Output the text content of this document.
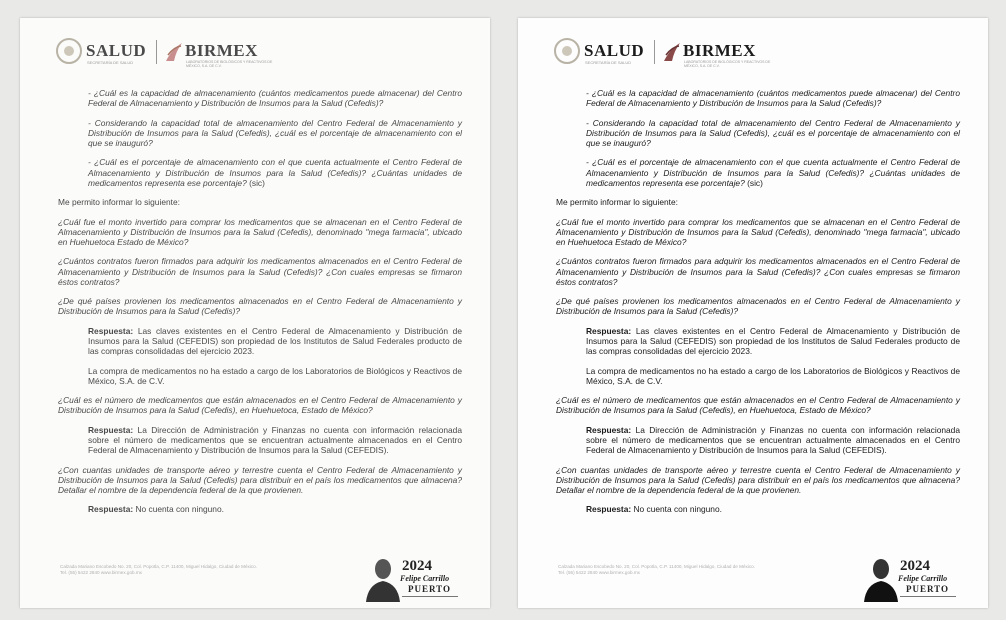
SALUD
SECRETARÍA DE SALUD
BIRMEX
LABORATORIOS DE BIOLÓGICOS Y REACTIVOS DE MÉXICO, S.A. DE C.V.

- ¿Cuál es la capacidad de almacenamiento (cuántos medicamentos puede almacenar) del Centro Federal de Almacenamiento y Distribución de Insumos para la Salud (Cefedis)?

- Considerando la capacidad total de almacenamiento del Centro Federal de Almacenamiento y Distribución de Insumos para la Salud (Cefedis), ¿cuál es el porcentaje de almacenamiento con el que se inauguró?

- ¿Cuál es el porcentaje de almacenamiento con el que cuenta actualmente el Centro Federal de Almacenamiento y Distribución de Insumos para la Salud (Cefedis)? ¿Cuántas unidades de medicamentos representa ese porcentaje? (sic)

Me permito informar lo siguiente:

¿Cuál fue el monto invertido para comprar los medicamentos que se almacenan en el Centro Federal de Almacenamiento y Distribución de Insumos para la Salud (Cefedis), denominado "mega farmacia", ubicado en Huehuetoca Estado de México?

¿Cuántos contratos fueron firmados para adquirir los medicamentos almacenados en el Centro Federal de Almacenamiento y Distribución de Insumos para la Salud (Cefedis)? ¿Con cuales empresas se firmaron éstos contratos?

¿De qué países provienen los medicamentos almacenados en el Centro Federal de Almacenamiento y Distribución de Insumos para la Salud (Cefedis)?

Respuesta: Las claves existentes en el Centro Federal de Almacenamiento y Distribución de Insumos para la Salud (CEFEDIS) son propiedad de los Institutos de Salud Federales producto de las compras consolidadas del ejercicio 2023.

La compra de medicamentos no ha estado a cargo de los Laboratorios de Biológicos y Reactivos de México, S.A. de C.V.

¿Cuál es el número de medicamentos que están almacenados en el Centro Federal de Almacenamiento y Distribución de Insumos para la Salud (Cefedis), en Huehuetoca, Estado de México?

Respuesta: La Dirección de Administración y Finanzas no cuenta con información relacionada sobre el número de medicamentos que se encuentran actualmente almacenados en el Centro Federal de Almacenamiento y Distribución de Insumos para la Salud (CEFEDIS).

¿Con cuantas unidades de transporte aéreo y terrestre cuenta el Centro Federal de Almacenamiento y Distribución de Insumos para la Salud (Cefedis) para distribuir en el país los medicamentos que almacena? Detallar el nombre de la dependencia federal de la que provienen.

Respuesta: No cuenta con ninguno.

Calzada Mariano Escobedo No. 20, Col. Popotla, C.P. 11400, Miguel Hidalgo, Ciudad de México.
Tel. (55) 5422 2840 www.birmex.gob.mx	2024
Felipe Carrillo
PUERTO
SALUD
SECRETARÍA DE SALUD
BIRMEX
LABORATORIOS DE BIOLÓGICOS Y REACTIVOS DE MÉXICO, S.A. DE C.V.

- ¿Cuál es la capacidad de almacenamiento (cuántos medicamentos puede almacenar) del Centro Federal de Almacenamiento y Distribución de Insumos para la Salud (Cefedis)?

- Considerando la capacidad total de almacenamiento del Centro Federal de Almacenamiento y Distribución de Insumos para la Salud (Cefedis), ¿cuál es el porcentaje de almacenamiento con el que se inauguró?

- ¿Cuál es el porcentaje de almacenamiento con el que cuenta actualmente el Centro Federal de Almacenamiento y Distribución de Insumos para la Salud (Cefedis)? ¿Cuántas unidades de medicamentos representa ese porcentaje? (sic)

Me permito informar lo siguiente:

¿Cuál fue el monto invertido para comprar los medicamentos que se almacenan en el Centro Federal de Almacenamiento y Distribución de Insumos para la Salud (Cefedis), denominado "mega farmacia", ubicado en Huehuetoca Estado de México?

¿Cuántos contratos fueron firmados para adquirir los medicamentos almacenados en el Centro Federal de Almacenamiento y Distribución de Insumos para la Salud (Cefedis)? ¿Con cuales empresas se firmaron éstos contratos?

¿De qué países provienen los medicamentos almacenados en el Centro Federal de Almacenamiento y Distribución de Insumos para la Salud (Cefedis)?

Respuesta: Las claves existentes en el Centro Federal de Almacenamiento y Distribución de Insumos para la Salud (CEFEDIS) son propiedad de los Institutos de Salud Federales producto de las compras consolidadas del ejercicio 2023.

La compra de medicamentos no ha estado a cargo de los Laboratorios de Biológicos y Reactivos de México, S.A. de C.V.

¿Cuál es el número de medicamentos que están almacenados en el Centro Federal de Almacenamiento y Distribución de Insumos para la Salud (Cefedis), en Huehuetoca, Estado de México?

Respuesta: La Dirección de Administración y Finanzas no cuenta con información relacionada sobre el número de medicamentos que se encuentran actualmente almacenados en el Centro Federal de Almacenamiento y Distribución de Insumos para la Salud (CEFEDIS).

¿Con cuantas unidades de transporte aéreo y terrestre cuenta el Centro Federal de Almacenamiento y Distribución de Insumos para la Salud (Cefedis) para distribuir en el país los medicamentos que almacena? Detallar el nombre de la dependencia federal de la que provienen.

Respuesta: No cuenta con ninguno.

Calzada Mariano Escobedo No. 20, Col. Popotla, C.P. 11400, Miguel Hidalgo, Ciudad de México.
Tel. (55) 5422 2840 www.birmex.gob.mx	2024
Felipe Carrillo
PUERTO
